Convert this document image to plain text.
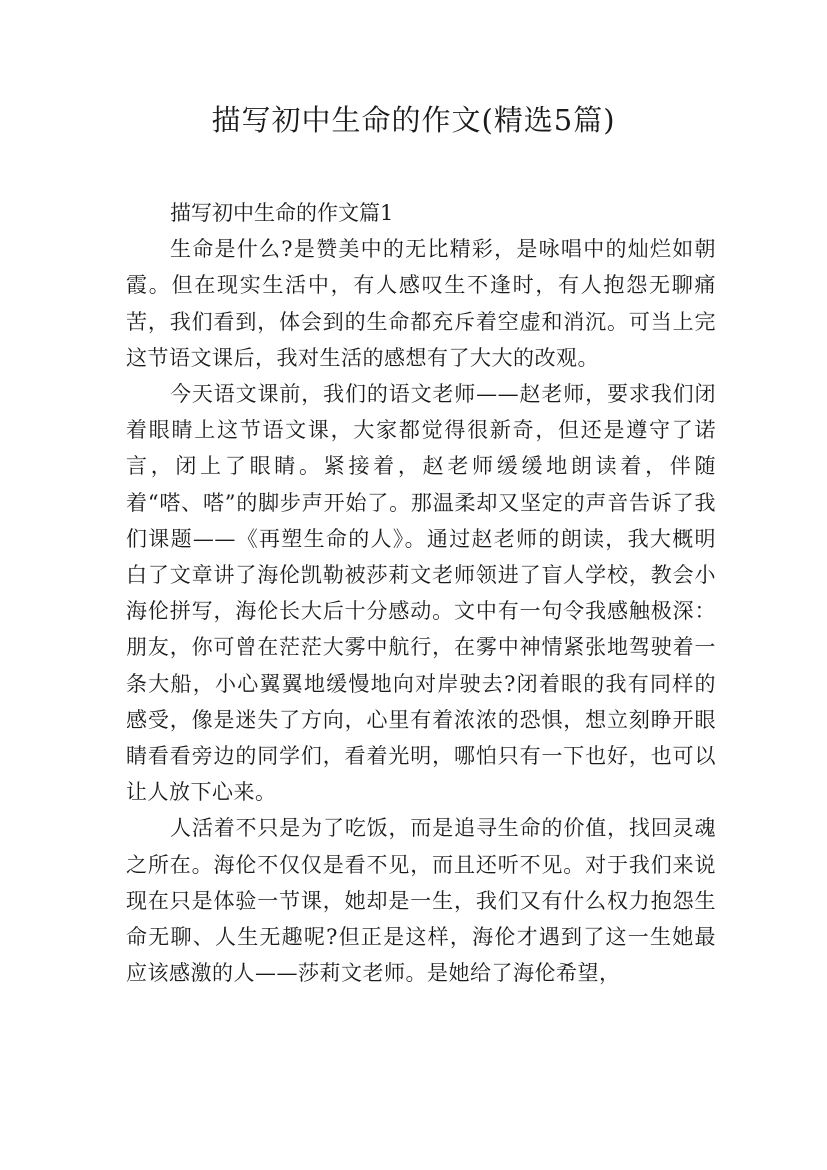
描写初中生命的作文(精选5篇)
描写初中生命的作文篇1

生命是什么?是赞美中的无比精彩，是咏唱中的灿烂如朝霞。但在现实生活中，有人感叹生不逢时，有人抱怨无聊痛苦，我们看到，体会到的生命都充斥着空虚和消沉。可当上完这节语文课后，我对生活的感想有了大大的改观。

今天语文课前，我们的语文老师——赵老师，要求我们闭着眼睛上这节语文课，大家都觉得很新奇，但还是遵守了诺言，闭上了眼睛。紧接着，赵老师缓缓地朗读着，伴随着“嗒、嗒”的脚步声开始了。那温柔却又坚定的声音告诉了我们课题——《再塑生命的人》。通过赵老师的朗读，我大概明白了文章讲了海伦凯勒被莎莉文老师领进了盲人学校，教会小海伦拼写，海伦长大后十分感动。文中有一句令我感触极深：朋友，你可曾在茫茫大雾中航行，在雾中神情紧张地驾驶着一条大船，小心翼翼地缓慢地向对岸驶去?闭着眼的我有同样的感受，像是迷失了方向，心里有着浓浓的恐惧，想立刻睁开眼睛看看旁边的同学们，看着光明，哪怕只有一下也好，也可以让人放下心来。

人活着不只是为了吃饭，而是追寻生命的价值，找回灵魂之所在。海伦不仅仅是看不见，而且还听不见。对于我们来说现在只是体验一节课，她却是一生，我们又有什么权力抱怨生命无聊、人生无趣呢?但正是这样，海伦才遇到了这一生她最应该感激的人——莎莉文老师。是她给了海伦希望，
